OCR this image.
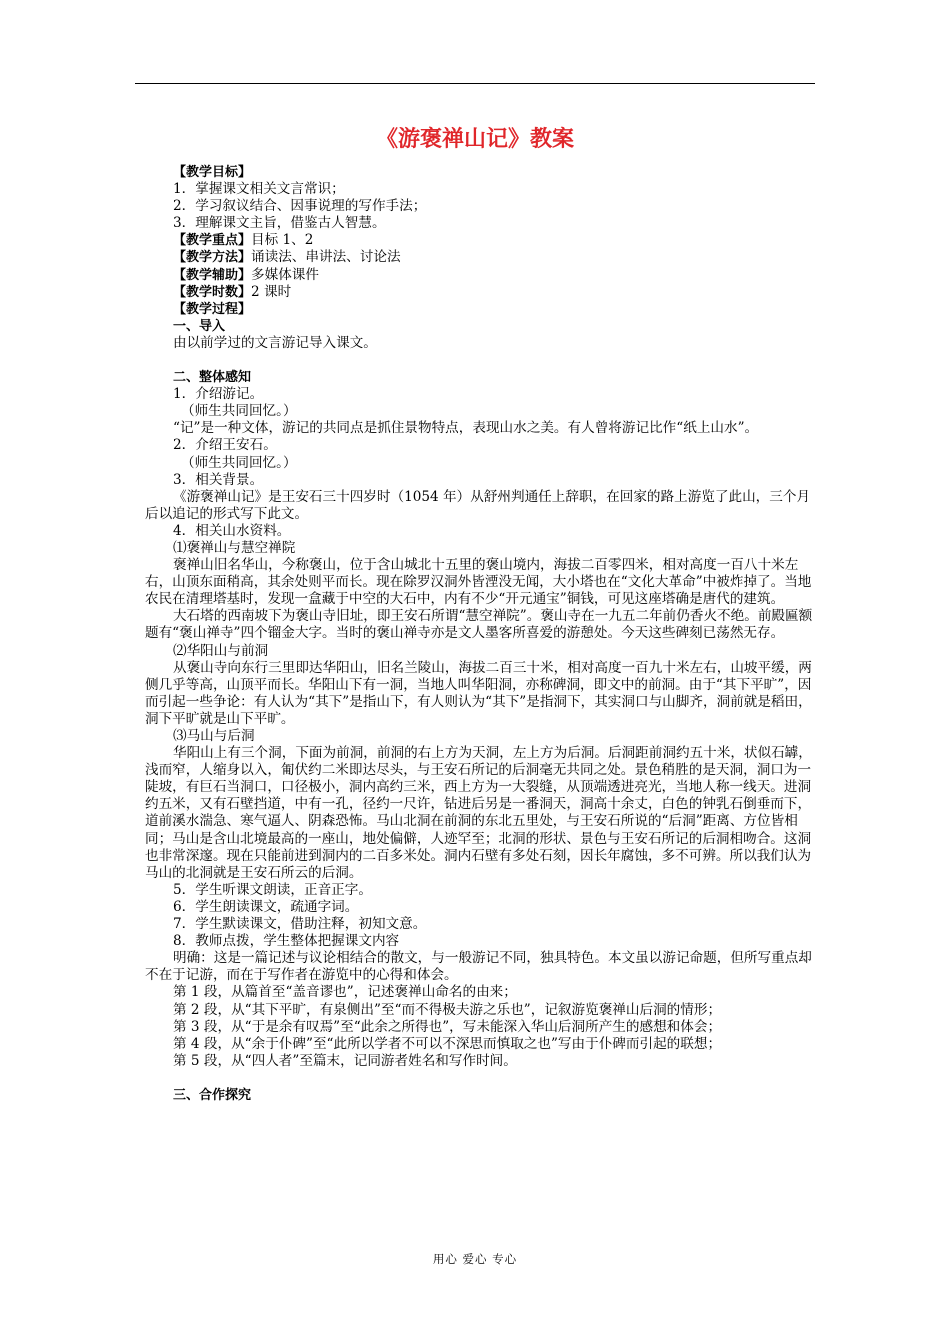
《游褒禅山记》教案

【教学目标】

1．掌握课文相关文言常识；

2．学习叙议结合、因事说理的写作手法；

3．理解课文主旨，借鉴古人智慧。

【教学重点】目标 1、2

【教学方法】诵读法、串讲法、讨论法

【教学辅助】多媒体课件

【教学时数】2 课时

【教学过程】

一、导入

由以前学过的文言游记导入课文。

二、整体感知

1．介绍游记。

（师生共同回忆。）

“记”是一种文体，游记的共同点是抓住景物特点，表现山水之美。有人曾将游记比作“纸上山水”。

2．介绍王安石。

（师生共同回忆。）

3．相关背景。

《游褒禅山记》是王安石三十四岁时（1054 年）从舒州判通任上辞职，在回家的路上游览了此山，三个月后以追记的形式写下此文。

4．相关山水资料。

⑴褒禅山与慧空禅院

褒禅山旧名华山，今称褒山，位于含山城北十五里的褒山境内，海拔二百零四米，相对高度一百八十米左右，山顶东面稍高，其余处则平而长。现在除罗汉洞外皆湮没无闻，大小塔也在“文化大革命”中被炸掉了。当地农民在清理塔基时，发现一盒藏于中空的大石中，内有不少“开元通宝”铜钱，可见这座塔确是唐代的建筑。

大石塔的西南坡下为褒山寺旧址，即王安石所谓“慧空禅院”。褒山寺在一九五二年前仍香火不绝。前殿匾额题有“褒山禅寺”四个镏金大字。当时的褒山禅寺亦是文人墨客所喜爱的游憩处。今天这些碑刻已荡然无存。

⑵华阳山与前洞

从褒山寺向东行三里即达华阳山，旧名兰陵山，海拔二百三十米，相对高度一百九十米左右，山坡平缓，两侧几乎等高，山顶平而长。华阳山下有一洞，当地人叫华阳洞，亦称碑洞，即文中的前洞。由于“其下平旷”，因而引起一些争论：有人认为“其下”是指山下，有人则认为“其下”是指洞下，其实洞口与山脚齐，洞前就是稻田，洞下平旷就是山下平旷。

⑶马山与后洞

华阳山上有三个洞，下面为前洞，前洞的右上方为天洞，左上方为后洞。后洞距前洞约五十米，状似石罅，浅而窄，人缩身以入，匍伏约二米即达尽头，与王安石所记的后洞毫无共同之处。景色稍胜的是天洞，洞口为一陡坡，有巨石当洞口，口径极小，洞内高约三米，西上方为一大裂缝，从顶端透进亮光，当地人称一线天。进洞约五米，又有石壁挡道，中有一孔，径约一尺许，钻进后另是一番洞天，洞高十余丈，白色的钟乳石倒垂而下，道前溪水湍急、寒气逼人、阴森恐怖。马山北洞在前洞的东北五里处，与王安石所说的“后洞”距离、方位皆相同；马山是含山北境最高的一座山，地处偏僻，人迹罕至；北洞的形状、景色与王安石所记的后洞相吻合。这洞也非常深邃。现在只能前进到洞内的二百多米处。洞内石壁有多处石刻，因长年腐蚀，多不可辨。所以我们认为马山的北洞就是王安石所云的后洞。

5．学生听课文朗读，正音正字。

6．学生朗读课文，疏通字词。

7．学生默读课文，借助注释，初知文意。

8．教师点拨，学生整体把握课文内容

明确：这是一篇记述与议论相结合的散文，与一般游记不同，独具特色。本文虽以游记命题，但所写重点却不在于记游，而在于写作者在游览中的心得和体会。

第 1 段，从篇首至“盖音谬也”，记述褒禅山命名的由来；

第 2 段，从“其下平旷，有泉侧出”至“而不得极夫游之乐也”，记叙游览褒禅山后洞的情形；

第 3 段，从“于是余有叹焉”至“此余之所得也”，写未能深入华山后洞所产生的感想和体会；

第 4 段，从“余于仆碑”至“此所以学者不可以不深思而慎取之也”写由于仆碑而引起的联想；

第 5 段，从“四人者”至篇末，记同游者姓名和写作时间。

三、合作探究

用心 爱心 专心
